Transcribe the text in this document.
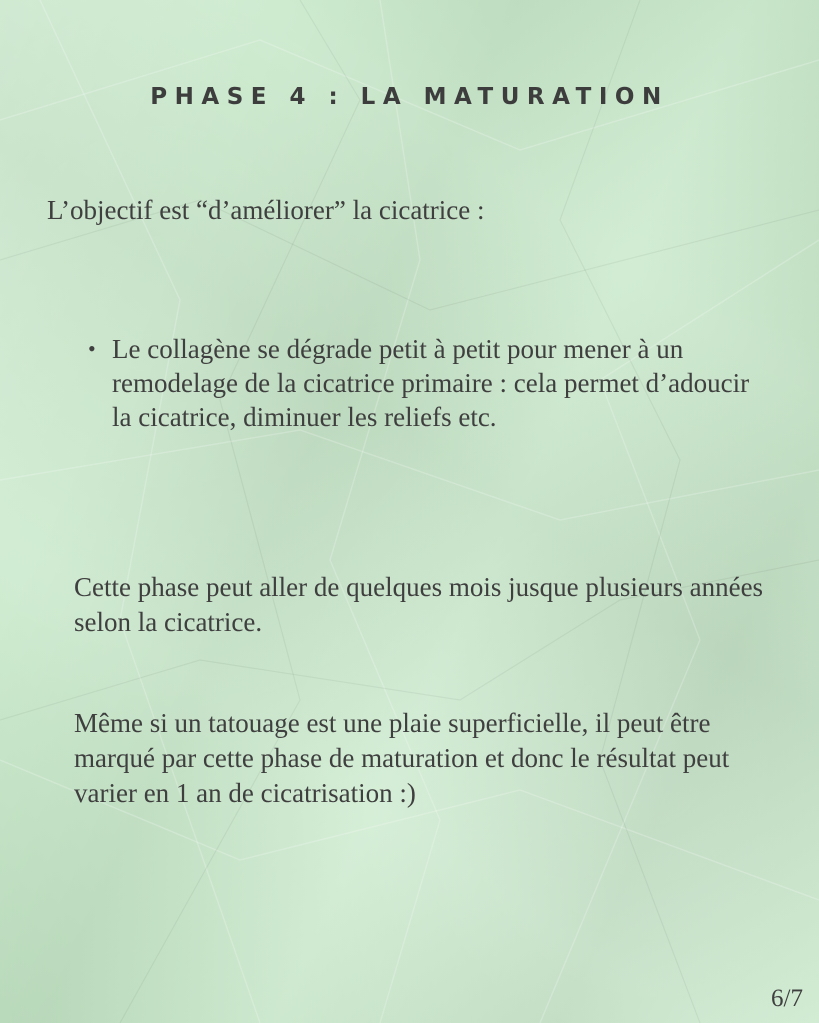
PHASE 4 : LA MATURATION
L’objectif est “d’améliorer” la cicatrice :
• Le collagène se dégrade petit à petit pour mener à un remodelage de la cicatrice primaire : cela permet d’adoucir la cicatrice, diminuer les reliefs etc.

Cette phase peut aller de quelques mois jusque plusieurs années selon la cicatrice.

Même si un tatouage est une plaie superficielle, il peut être marqué par cette phase de maturation et donc le résultat peut varier en 1 an de cicatrisation :)

6/7
